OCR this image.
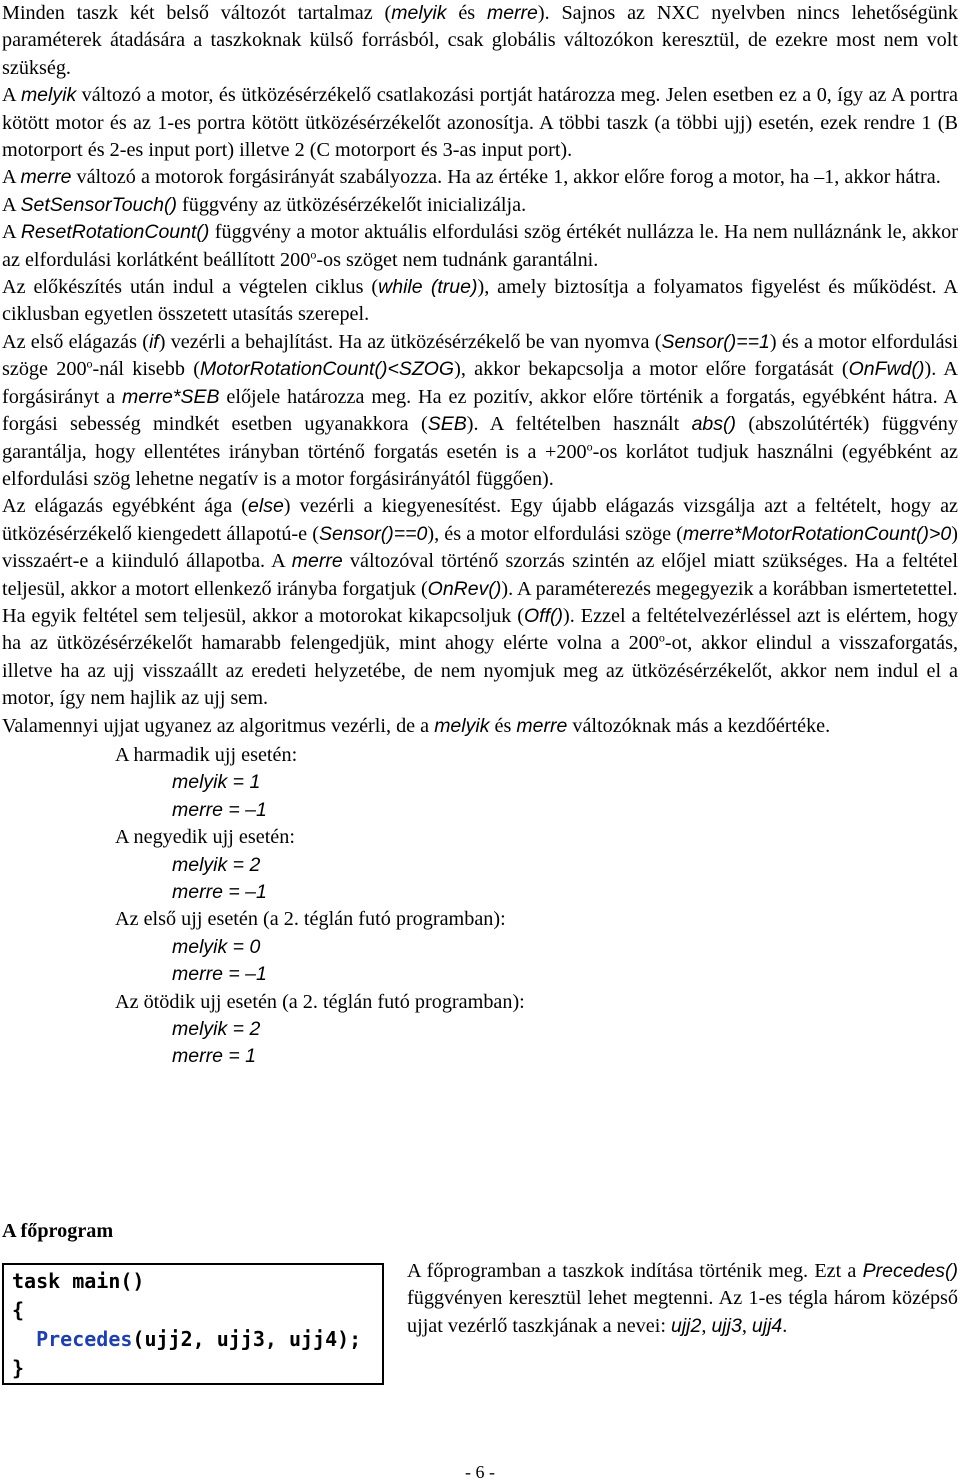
Minden taszk két belső változót tartalmaz (melyik és merre). Sajnos az NXC nyelvben nincs lehetőségünk paraméterek átadására a taszkoknak külső forrásból, csak globális változókon keresztül, de ezekre most nem volt szükség.

A melyik változó a motor, és ütközésérzékelő csatlakozási portját határozza meg. Jelen esetben ez a 0, így az A portra kötött motor és az 1-es portra kötött ütközésérzékelőt azonosítja. A többi taszk (a többi ujj) esetén, ezek rendre 1 (B motorport és 2-es input port) illetve 2 (C motorport és 3-as input port).

A merre változó a motorok forgásirányát szabályozza. Ha az értéke 1, akkor előre forog a motor, ha –1, akkor hátra.

A SetSensorTouch() függvény az ütközésérzékelőt inicializálja.

A ResetRotationCount() függvény a motor aktuális elfordulási szög értékét nullázza le. Ha nem nulláznánk le, akkor az elfordulási korlátként beállított 200$^o$-os szöget nem tudnánk garantálni.

Az előkészítés után indul a végtelen ciklus (while (true)), amely biztosítja a folyamatos figyelést és működést. A ciklusban egyetlen összetett utasítás szerepel.

Az első elágazás (if) vezérli a behajlítást. Ha az ütközésérzékelő be van nyomva (Sensor()==1) és a motor elfordulási szöge 200$^o$-nál kisebb (MotorRotationCount()<SZOG), akkor bekapcsolja a motor előre forgatását (OnFwd()). A forgásirányt a merre*SEB előjele határozza meg. Ha ez pozitív, akkor előre történik a forgatás, egyébként hátra. A forgási sebesség mindkét esetben ugyanakkora (SEB). A feltételben használt abs() (abszolútérték) függvény garantálja, hogy ellentétes irányban történő forgatás esetén is $a +200^o-os$ korlátot tudjuk használni (egyébként az elfordulási szög lehetne negatív is a motor forgásirányától függően).

Az elágazás egyébként ága (else) vezérli a kiegyenesítést. Egy újabb elágazás vizsgálja azt a feltételt, hogy az ütközésérzékelő kiengedett állapotú-e (Sensor()==0), és a motor elfordulási szöge (merre*MotorRotationCount()>0) visszaért-e a kiinduló állapotba. A merre változóval történő szorzás szintén az előjel miatt szükséges. Ha a feltétel teljesül, akkor a motort ellenkező irányba forgatjuk (OnRev()). A paraméterezés megegyezik a korábban ismertetettel.

Ha egyik feltétel sem teljesül, akkor a motorokat kikapcsoljuk (Off()). Ezzel a feltételvezérléssel azt is elértem, hogy ha az ütközésérzékelőt hamarabb felengedjük, mint ahogy elérte volna a 200$^o$-ot, akkor elindul a visszaforgatás, illetve ha az ujj visszaállt az eredeti helyzetébe, de nem nyomjuk meg az ütközésérzékelőt, akkor nem indul el a motor, így nem hajlik az ujj sem.

Valamennyi ujjat ugyanez az algoritmus vezérli, de a melyik és merre változóknak más a kezdőértéke.

A harmadik ujj esetén:
melyik = 1
merre = –1
A negyedik ujj esetén:
melyik = 2
merre = –1
Az első ujj esetén (a 2. téglán futó programban):
melyik = 0
merre = –1
Az ötödik ujj esetén (a 2. téglán futó programban):
melyik = 2
merre = 1
A főprogram
task main()
{
Precedes(ujj2, ujj3, ujj4);
}

A főprogramban a taszkok indítása történik meg. Ezt a Precedes() függvényen keresztül lehet megtenni. Az 1-es tégla három középső ujjat vezérlő taszkjának a nevei: ujj2, ujj3, ujj4.

- 6 -
